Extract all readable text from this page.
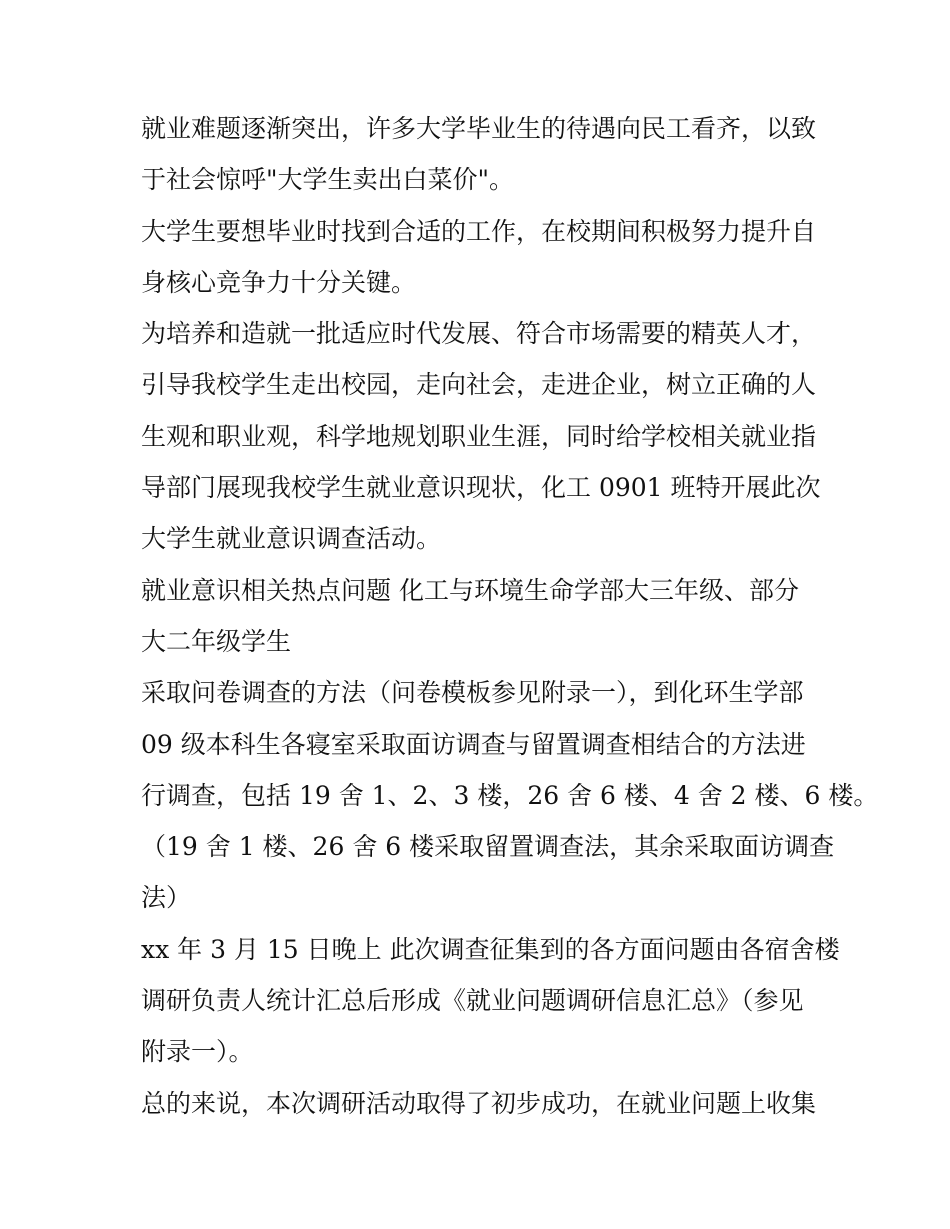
就业难题逐渐突出，许多大学毕业生的待遇向民工看齐，以致
于社会惊呼"大学生卖出白菜价"。
大学生要想毕业时找到合适的工作，在校期间积极努力提升自
身核心竞争力十分关键。
为培养和造就一批适应时代发展、符合市场需要的精英人才，
引导我校学生走出校园，走向社会，走进企业，树立正确的人
生观和职业观，科学地规划职业生涯，同时给学校相关就业指
导部门展现我校学生就业意识现状，化工 0901 班特开展此次
大学生就业意识调查活动。
就业意识相关热点问题 化工与环境生命学部大三年级、部分
大二年级学生
采取问卷调查的方法（问卷模板参见附录一），到化环生学部
09 级本科生各寝室采取面访调查与留置调查相结合的方法进
行调查，包括 19 舍 1、2、3 楼，26 舍 6 楼、4 舍 2 楼、6 楼。
（19 舍 1 楼、26 舍 6 楼采取留置调查法，其余采取面访调查
法）
xx 年 3 月 15 日晚上 此次调查征集到的各方面问题由各宿舍楼
调研负责人统计汇总后形成《就业问题调研信息汇总》（参见
附录一）。
总的来说，本次调研活动取得了初步成功，在就业问题上收集
